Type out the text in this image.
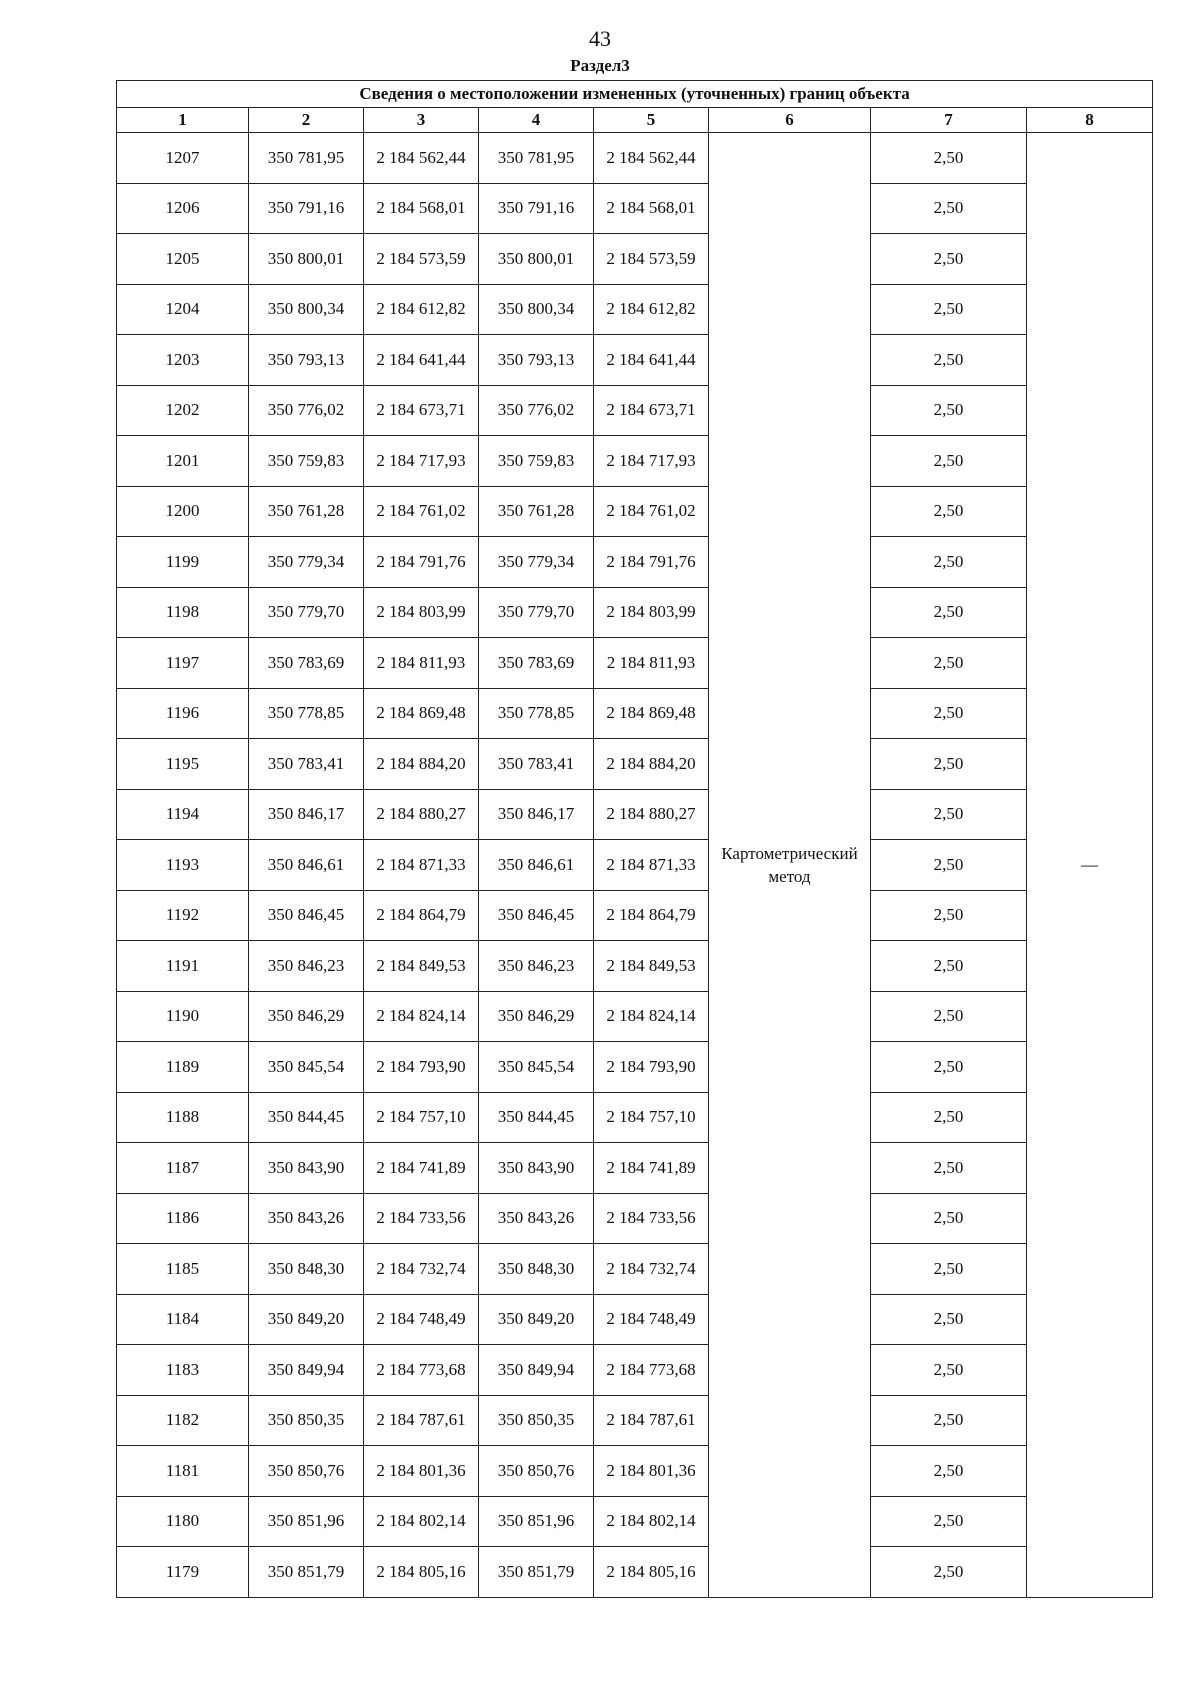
43
Раздел3
Сведения о местоположении измененных (уточненных) границ объекта							
1	2	3	4	5	6	7	8
1207	350 781,95	2 184 562,44	350 781,95	2 184 562,44	Картометрический метод	2,50	—
1206	350 791,16	2 184 568,01	350 791,16	2 184 568,01		2,50	
1205	350 800,01	2 184 573,59	350 800,01	2 184 573,59		2,50	
1204	350 800,34	2 184 612,82	350 800,34	2 184 612,82		2,50	
1203	350 793,13	2 184 641,44	350 793,13	2 184 641,44		2,50	
1202	350 776,02	2 184 673,71	350 776,02	2 184 673,71		2,50	
1201	350 759,83	2 184 717,93	350 759,83	2 184 717,93		2,50	
1200	350 761,28	2 184 761,02	350 761,28	2 184 761,02		2,50	
1199	350 779,34	2 184 791,76	350 779,34	2 184 791,76		2,50	
1198	350 779,70	2 184 803,99	350 779,70	2 184 803,99		2,50	
1197	350 783,69	2 184 811,93	350 783,69	2 184 811,93		2,50	
1196	350 778,85	2 184 869,48	350 778,85	2 184 869,48		2,50	
1195	350 783,41	2 184 884,20	350 783,41	2 184 884,20		2,50	
1194	350 846,17	2 184 880,27	350 846,17	2 184 880,27		2,50	
1193	350 846,61	2 184 871,33	350 846,61	2 184 871,33		2,50	
1192	350 846,45	2 184 864,79	350 846,45	2 184 864,79		2,50	
1191	350 846,23	2 184 849,53	350 846,23	2 184 849,53		2,50	
1190	350 846,29	2 184 824,14	350 846,29	2 184 824,14		2,50	
1189	350 845,54	2 184 793,90	350 845,54	2 184 793,90		2,50	
1188	350 844,45	2 184 757,10	350 844,45	2 184 757,10		2,50	
1187	350 843,90	2 184 741,89	350 843,90	2 184 741,89		2,50	
1186	350 843,26	2 184 733,56	350 843,26	2 184 733,56		2,50	
1185	350 848,30	2 184 732,74	350 848,30	2 184 732,74		2,50	
1184	350 849,20	2 184 748,49	350 849,20	2 184 748,49		2,50	
1183	350 849,94	2 184 773,68	350 849,94	2 184 773,68		2,50	
1182	350 850,35	2 184 787,61	350 850,35	2 184 787,61		2,50	
1181	350 850,76	2 184 801,36	350 850,76	2 184 801,36		2,50	
1180	350 851,96	2 184 802,14	350 851,96	2 184 802,14		2,50	
1179	350 851,79	2 184 805,16	350 851,79	2 184 805,16		2,50	
